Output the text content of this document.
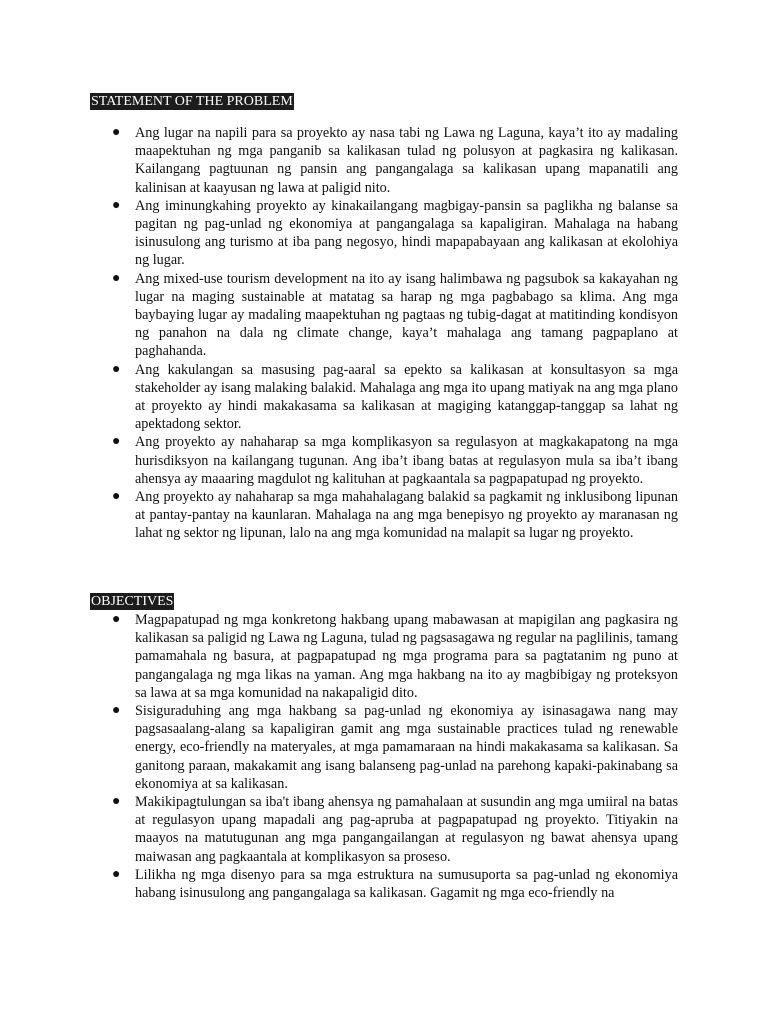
STATEMENT OF THE PROBLEM
● Ang lugar na napili para sa proyekto ay nasa tabi ng Lawa ng Laguna, kaya’t ito ay madaling maapektuhan ng mga panganib sa kalikasan tulad ng polusyon at pagkasira ng kalikasan. Kailangang pagtuunan ng pansin ang pangangalaga sa kalikasan upang mapanatili ang kalinisan at kaayusan ng lawa at paligid nito.
● Ang iminungkahing proyekto ay kinakailangang magbigay-pansin sa paglikha ng balanse sa pagitan ng pag-unlad ng ekonomiya at pangangalaga sa kapaligiran. Mahalaga na habang isinusulong ang turismo at iba pang negosyo, hindi mapapabayaan ang kalikasan at ekolohiya ng lugar.
● Ang mixed-use tourism development na ito ay isang halimbawa ng pagsubok sa kakayahan ng lugar na maging sustainable at matatag sa harap ng mga pagbabago sa klima. Ang mga baybaying lugar ay madaling maapektuhan ng pagtaas ng tubig-dagat at matitinding kondisyon ng panahon na dala ng climate change, kaya’t mahalaga ang tamang pagpaplano at paghahanda.
● Ang kakulangan sa masusing pag-aaral sa epekto sa kalikasan at konsultasyon sa mga stakeholder ay isang malaking balakid. Mahalaga ang mga ito upang matiyak na ang mga plano at proyekto ay hindi makakasama sa kalikasan at magiging katanggap-tanggap sa lahat ng apektadong sektor.
● Ang proyekto ay nahaharap sa mga komplikasyon sa regulasyon at magkakapatong na mga hurisdiksyon na kailangang tugunan. Ang iba’t ibang batas at regulasyon mula sa iba’t ibang ahensya ay maaaring magdulot ng kalituhan at pagkaantala sa pagpapatupad ng proyekto.
● Ang proyekto ay nahaharap sa mga mahahalagang balakid sa pagkamit ng inklusibong lipunan at pantay-pantay na kaunlaran. Mahalaga na ang mga benepisyo ng proyekto ay maranasan ng lahat ng sektor ng lipunan, lalo na ang mga komunidad na malapit sa lugar ng proyekto.
OBJECTIVES
● Magpapatupad ng mga konkretong hakbang upang mabawasan at mapigilan ang pagkasira ng kalikasan sa paligid ng Lawa ng Laguna, tulad ng pagsasagawa ng regular na paglilinis, tamang pamamahala ng basura, at pagpapatupad ng mga programa para sa pagtatanim ng puno at pangangalaga ng mga likas na yaman. Ang mga hakbang na ito ay magbibigay ng proteksyon sa lawa at sa mga komunidad na nakapaligid dito.
● Sisiguraduhing ang mga hakbang sa pag-unlad ng ekonomiya ay isinasagawa nang may pagsasaalang-alang sa kapaligiran gamit ang mga sustainable practices tulad ng renewable energy, eco-friendly na materyales, at mga pamamaraan na hindi makakasama sa kalikasan. Sa ganitong paraan, makakamit ang isang balanseng pag-unlad na parehong kapaki-pakinabang sa ekonomiya at sa kalikasan.
● Makikipagtulungan sa iba't ibang ahensya ng pamahalaan at susundin ang mga umiiral na batas at regulasyon upang mapadali ang pag-apruba at pagpapatupad ng proyekto. Titiyakin na maayos na matutugunan ang mga pangangailangan at regulasyon ng bawat ahensya upang maiwasan ang pagkaantala at komplikasyon sa proseso.
● Lilikha ng mga disenyo para sa mga estruktura na sumusuporta sa pag-unlad ng ekonomiya habang isinusulong ang pangangalaga sa kalikasan. Gagamit ng mga eco-friendly na
